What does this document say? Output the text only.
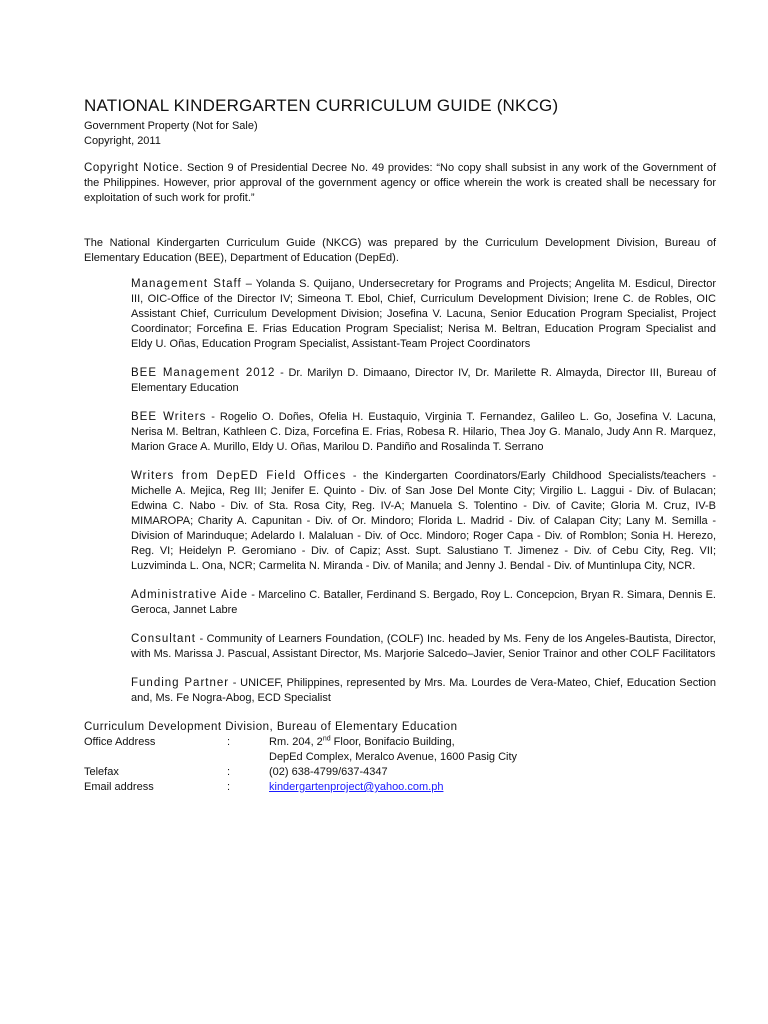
NATIONAL KINDERGARTEN CURRICULUM GUIDE (NKCG)
Government Property (Not for Sale)
Copyright, 2011

Copyright Notice. Section 9 of Presidential Decree No. 49 provides: “No copy shall subsist in any work of the Government of the Philippines. However, prior approval of the government agency or office wherein the work is created shall be necessary for exploitation of such work for profit.”

The National Kindergarten Curriculum Guide (NKCG) was prepared by the Curriculum Development Division, Bureau of Elementary Education (BEE), Department of Education (DepEd).

Management Staff – Yolanda S. Quijano, Undersecretary for Programs and Projects; Angelita M. Esdicul, Director III, OIC-Office of the Director IV; Simeona T. Ebol, Chief, Curriculum Development Division; Irene C. de Robles, OIC Assistant Chief, Curriculum Development Division; Josefina V. Lacuna, Senior Education Program Specialist, Project Coordinator; Forcefina E. Frias Education Program Specialist; Nerisa M. Beltran, Education Program Specialist and Eldy U. Oñas, Education Program Specialist, Assistant-Team Project Coordinators

BEE Management 2012 - Dr. Marilyn D. Dimaano, Director IV, Dr. Marilette R. Almayda, Director III, Bureau of Elementary Education

BEE Writers - Rogelio O. Doñes, Ofelia H. Eustaquio, Virginia T. Fernandez, Galileo L. Go, Josefina V. Lacuna, Nerisa M. Beltran, Kathleen C. Diza, Forcefina E. Frias, Robesa R. Hilario, Thea Joy G. Manalo, Judy Ann R. Marquez, Marion Grace A. Murillo, Eldy U. Oñas, Marilou D. Pandiño and Rosalinda T. Serrano

Writers from DepED Field Offices - the Kindergarten Coordinators/Early Childhood Specialists/teachers - Michelle A. Mejica, Reg III; Jenifer E. Quinto - Div. of San Jose Del Monte City; Virgilio L. Laggui - Div. of Bulacan; Edwina C. Nabo - Div. of Sta. Rosa City, Reg. IV-A; Manuela S. Tolentino - Div. of Cavite; Gloria M. Cruz, IV-B MIMAROPA; Charity A. Capunitan - Div. of Or. Mindoro; Florida L. Madrid - Div. of Calapan City; Lany M. Semilla - Division of Marinduque; Adelardo I. Malaluan - Div. of Occ. Mindoro; Roger Capa - Div. of Romblon; Sonia H. Herezo, Reg. VI; Heidelyn P. Geromiano - Div. of Capiz; Asst. Supt. Salustiano T. Jimenez - Div. of Cebu City, Reg. VII; Luzviminda L. Ona, NCR; Carmelita N. Miranda - Div. of Manila; and Jenny J. Bendal - Div. of Muntinlupa City, NCR.

Administrative Aide - Marcelino C. Bataller, Ferdinand S. Bergado, Roy L. Concepcion, Bryan R. Simara, Dennis E. Geroca, Jannet Labre

Consultant - Community of Learners Foundation, (COLF) Inc. headed by Ms. Feny de los Angeles-Bautista, Director, with Ms. Marissa J. Pascual, Assistant Director, Ms. Marjorie Salcedo–Javier, Senior Trainor and other COLF Facilitators

Funding Partner - UNICEF, Philippines, represented by Mrs. Ma. Lourdes de Vera-Mateo, Chief, Education Section and, Ms. Fe Nogra-Abog, ECD Specialist

Curriculum Development Division, Bureau of Elementary Education
Office Address	:	Rm. 204, 2nd Floor, Bonifacio Building,
DepEd Complex, Meralco Avenue, 1600 Pasig City
Telefax	:	(02) 638-4799/637-4347
Email address	:	kindergartenproject@yahoo.com.ph
